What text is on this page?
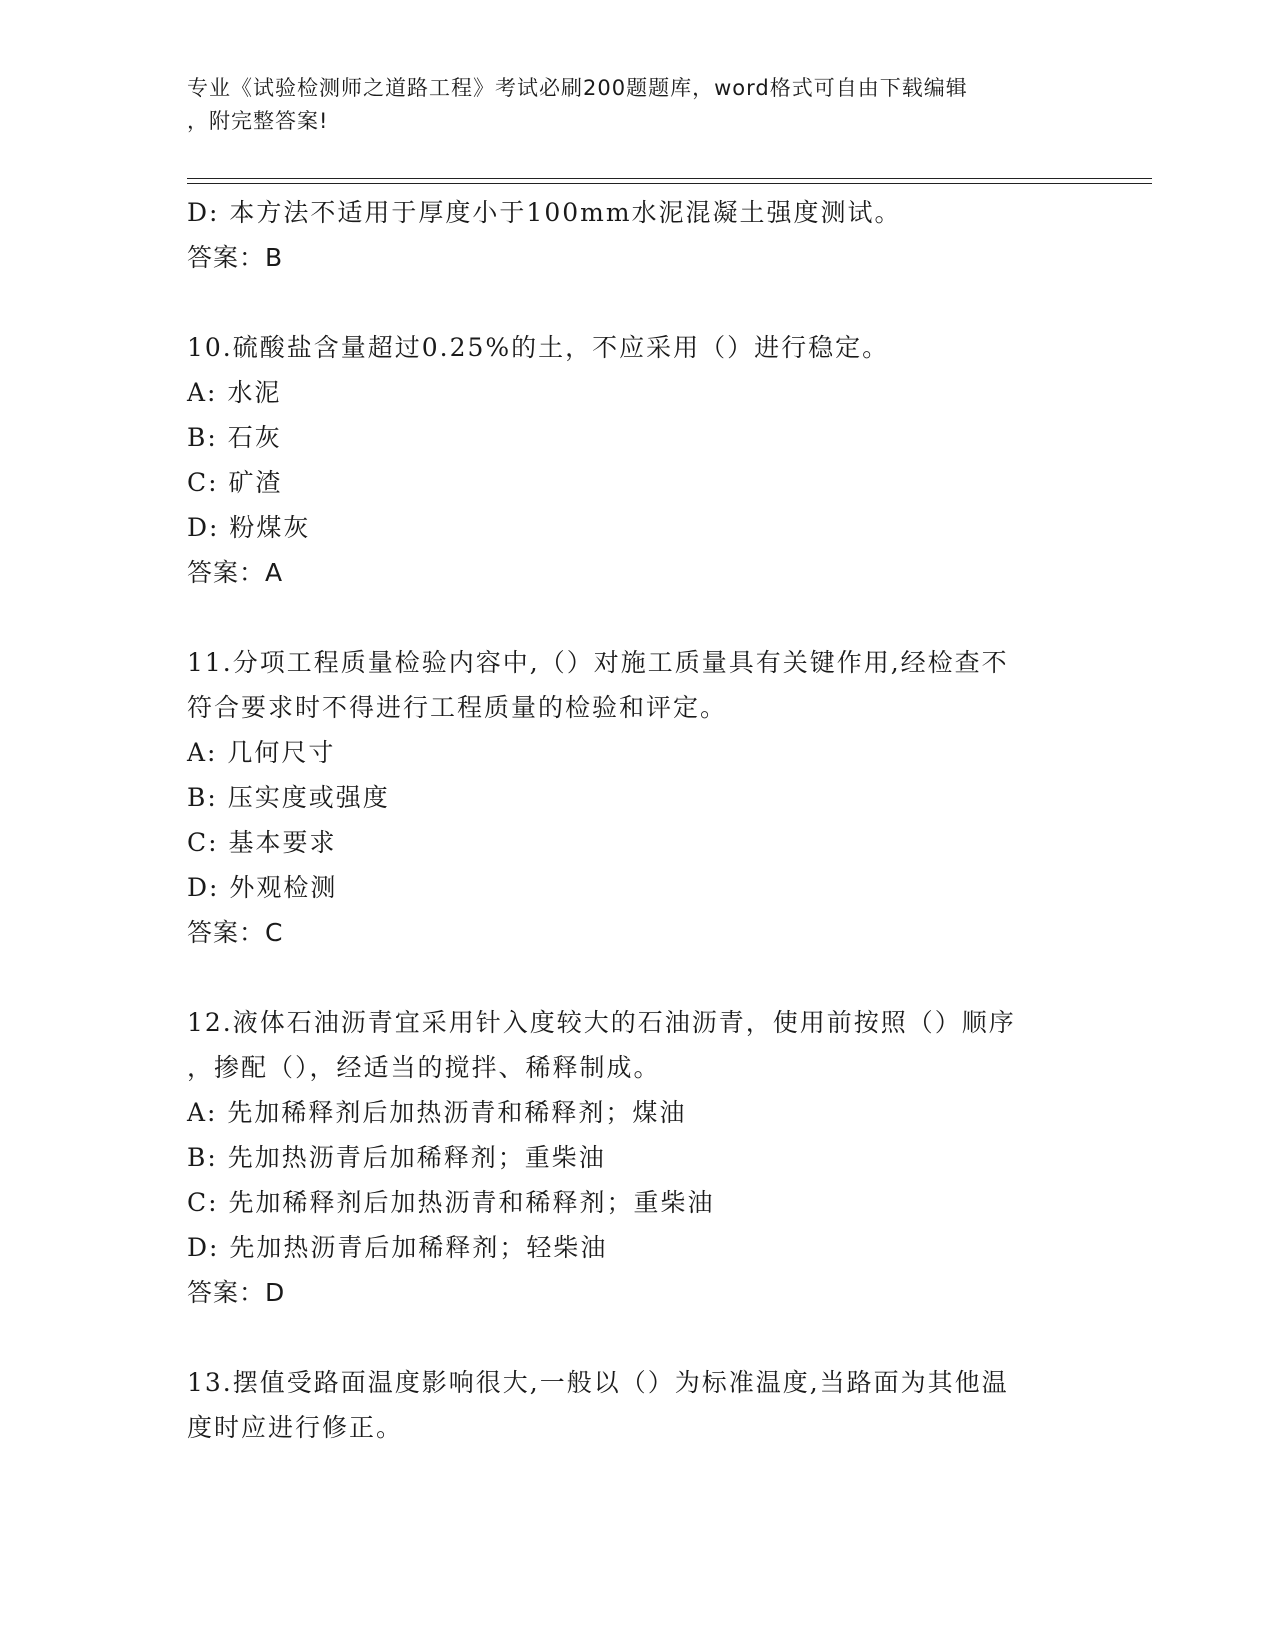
专业《试验检测师之道路工程》考试必刷200题题库，word格式可自由下载编辑
，附完整答案!
D: 本方法不适用于厚度小于100mm水泥混凝土强度测试。
答案：B
10.硫酸盐含量超过0.25%的土，不应采用（）进行稳定。
A: 水泥
B: 石灰
C: 矿渣
D: 粉煤灰
答案：A
11.分项工程质量检验内容中,（）对施工质量具有关键作用,经检查不
符合要求时不得进行工程质量的检验和评定。
A: 几何尺寸
B: 压实度或强度
C: 基本要求
D: 外观检测
答案：C
12.液体石油沥青宜采用针入度较大的石油沥青，使用前按照（）顺序
，掺配（），经适当的搅拌、稀释制成。
A: 先加稀释剂后加热沥青和稀释剂；煤油
B: 先加热沥青后加稀释剂；重柴油
C: 先加稀释剂后加热沥青和稀释剂；重柴油
D: 先加热沥青后加稀释剂；轻柴油
答案：D
13.摆值受路面温度影响很大,一般以（）为标准温度,当路面为其他温
度时应进行修正。
